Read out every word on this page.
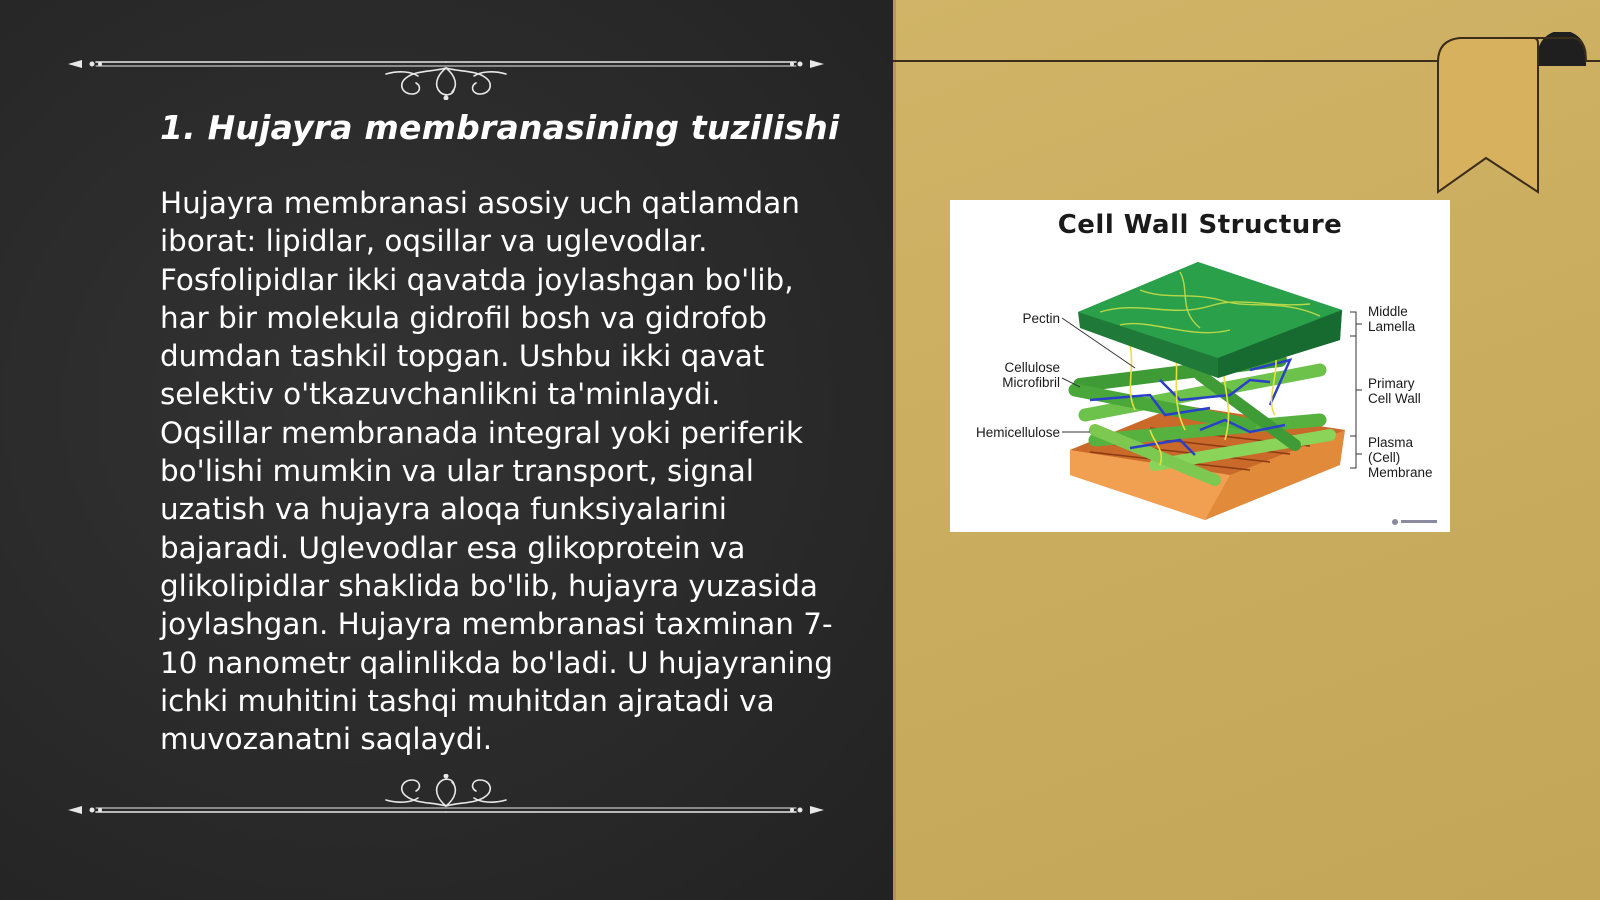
1. Hujayra membranasining tuzilishi

Hujayra membranasi asosiy uch qatlamdan iborat: lipidlar, oqsillar va uglevodlar. Fosfolipidlar ikki qavatda joylashgan bo'lib, har bir molekula gidrofil bosh va gidrofob dumdan tashkil topgan. Ushbu ikki qavat selektiv o'tkazuvchanlikni ta'minlaydi. Oqsillar membranada integral yoki periferik bo'lishi mumkin va ular transport, signal uzatish va hujayra aloqa funksiyalarini bajaradi. Uglevodlar esa glikoprotein va glikolipidlar shaklida bo'lib, hujayra yuzasida joylashgan. Hujayra membranasi taxminan 7-10 nanometr qalinlikda bo'ladi. U hujayraning ichki muhitini tashqi muhitdan ajratadi va muvozanatni saqlaydi.

Cell Wall Structure
Pectin
Cellulose
Microfibril
Hemicellulose
Middle
Lamella
Primary
Cell Wall
Plasma
(Cell)
Membrane
